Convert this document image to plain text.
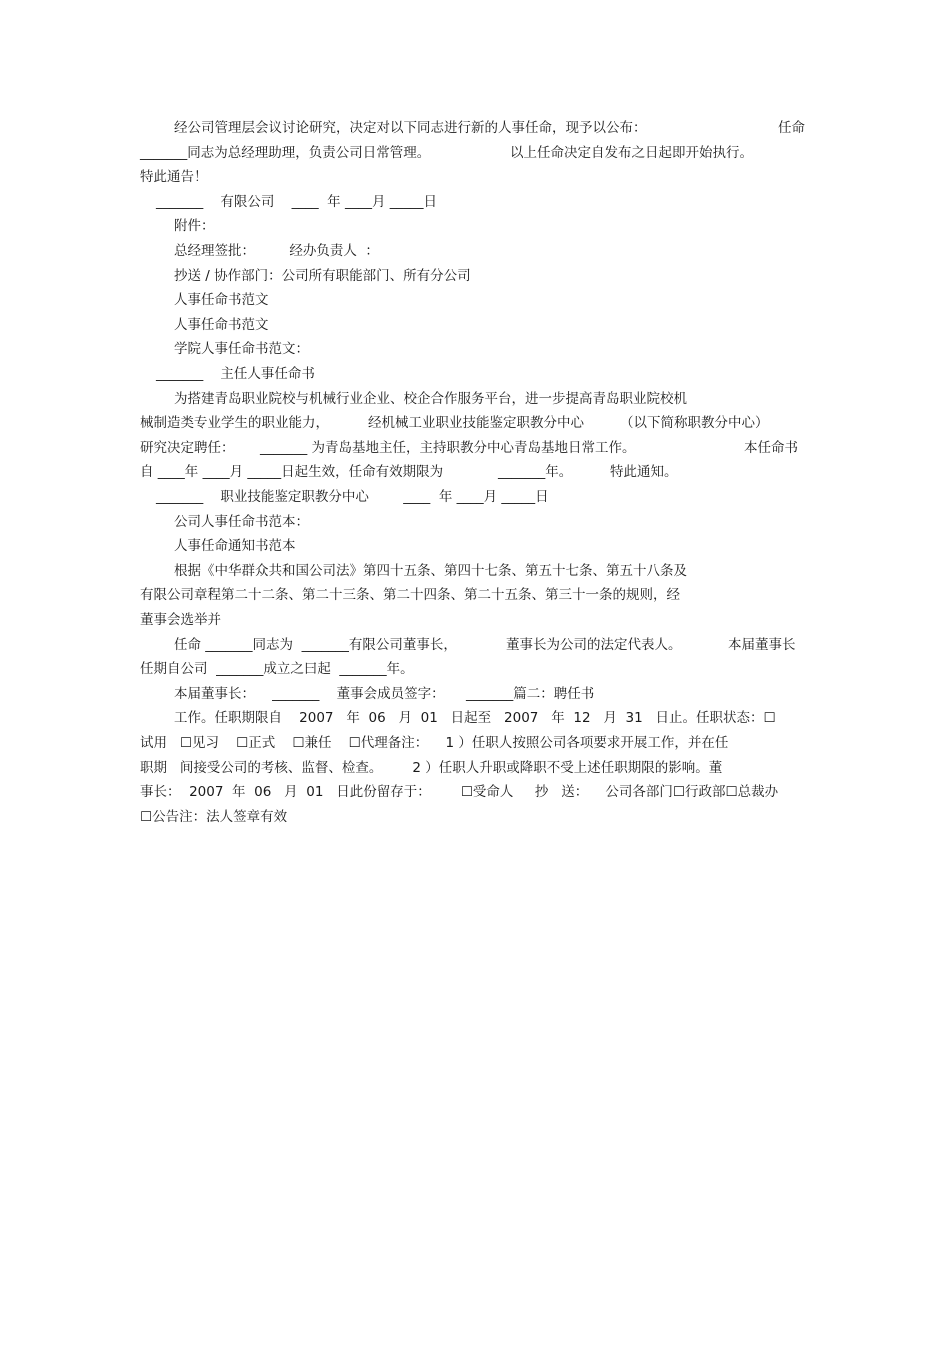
经公司管理层会议讨论研究，决定对以下同志进行新的人事任命，现予以公布：	任命
_______同志为总经理助理，负责公司日常管理。	以上任命决定自发布之日起即开始执行。
特此通告！
_______    有限公司    ____  年 ____月 _____日
附件：
总经理签批：        经办负责人  ：
抄送 / 协作部门：公司所有职能部门、所有分公司
人事任命书范文
人事任命书范文
学院人事任命书范文：
_______    主任人事任命书
为搭建青岛职业院校与机械行业企业、校企合作服务平台，进一步提高青岛职业院校机
械制造类专业学生的职业能力，	经机械工业职业技能鉴定职教分中心	（以下简称职教分中心）
研究决定聘任： _______ 为青岛基地主任，主持职教分中心青岛基地日常工作。	本任命书
自 ____年 ____月 _____日起生效，任命有效期限为	_______年。	特此通知。
_______    职业技能鉴定职教分中心        ____  年 ____月 _____日
公司人事任命书范本：
人事任命通知书范本
根据《中华群众共和国公司法》第四十五条、第四十七条、第五十七条、第五十八条及
有限公司章程第二十二条、第二十三条、第二十四条、第二十五条、第三十一条的规则，经
董事会选举并
任命 _______同志为  _______有限公司董事长，	董事长为公司的法定代表人。	本届董事长
任期自公司  _______成立之曰起  _______年。
本届董事长：    _______    董事会成员签字：     _______篇二：聘任书
工作。任职期限自    2007   年  06   月  01   日起至   2007   年  12   月  31   日止。任职状态：☐
试用   ☐见习    ☐正式    ☐兼任    ☐代理备注：    1 ）任职人按照公司各项要求开展工作，并在任
职期   间接受公司的考核、监督、检查。       2 ）任职人升职或降职不受上述任职期限的影响。董
事长：  2007  年  06   月  01   日此份留存于：       ☐受命人     抄   送：    公司各部门☐行政部☐总裁办
☐公告注：法人签章有效
